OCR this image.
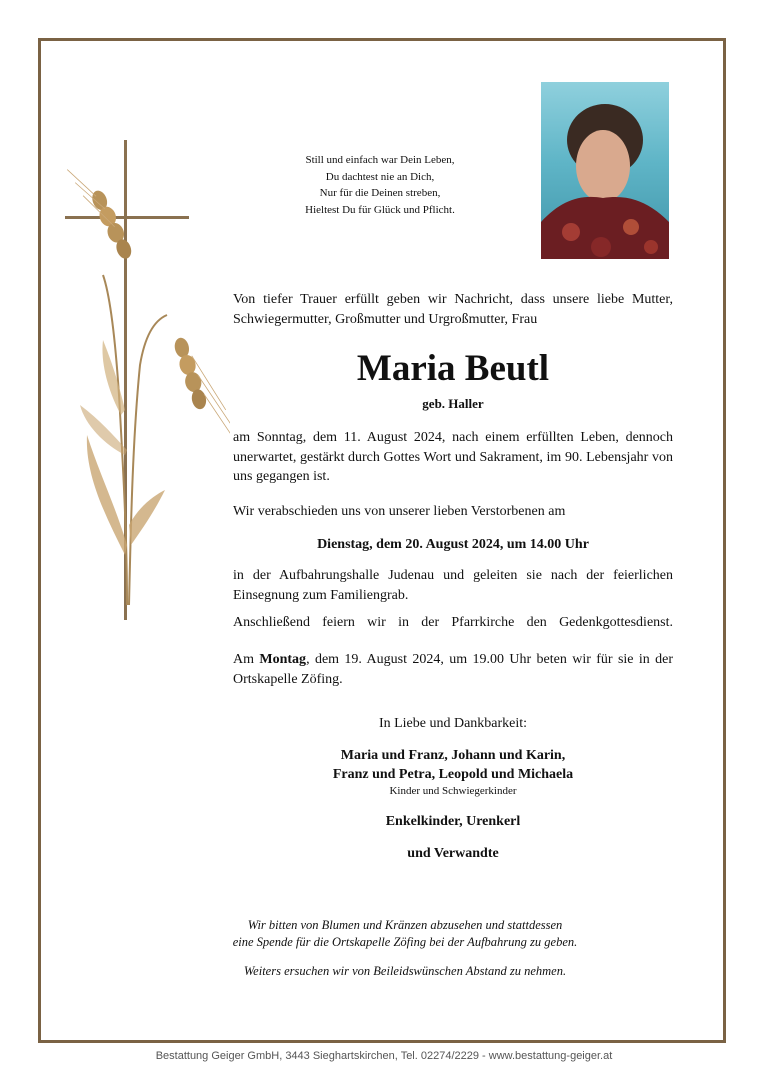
Still und einfach war Dein Leben,
Du dachtest nie an Dich,
Nur für die Deinen streben,
Hieltest Du für Glück und Pflicht.
Von tiefer Trauer erfüllt geben wir Nachricht, dass unsere liebe Mutter, Schwiegermutter, Großmutter und Urgroßmutter, Frau
Maria Beutl
geb. Haller
am Sonntag, dem 11. August 2024, nach einem erfüllten Leben, dennoch unerwartet, gestärkt durch Gottes Wort und Sakrament, im 90. Lebensjahr von uns gegangen ist.
Wir verabschieden uns von unserer lieben Verstorbenen am
Dienstag, dem 20. August 2024, um 14.00 Uhr
in der Aufbahrungshalle Judenau und geleiten sie nach der feierlichen Einsegnung zum Familiengrab.
Anschließend feiern wir in der Pfarrkirche den Gedenkgottesdienst.
Am Montag, dem 19. August 2024, um 19.00 Uhr beten wir für sie in der Ortskapelle Zöfing.
In Liebe und Dankbarkeit:
Maria und Franz, Johann und Karin,
Franz und Petra, Leopold und Michaela
Kinder und Schwiegerkinder
Enkelkinder, Urenkerl
und Verwandte
Wir bitten von Blumen und Kränzen abzusehen und stattdessen
eine Spende für die Ortskapelle Zöfing bei der Aufbahrung zu geben.
Weiters ersuchen wir von Beileidswünschen Abstand zu nehmen.
Bestattung Geiger GmbH, 3443 Sieghartskirchen, Tel. 02274/2229 - www.bestattung-geiger.at
